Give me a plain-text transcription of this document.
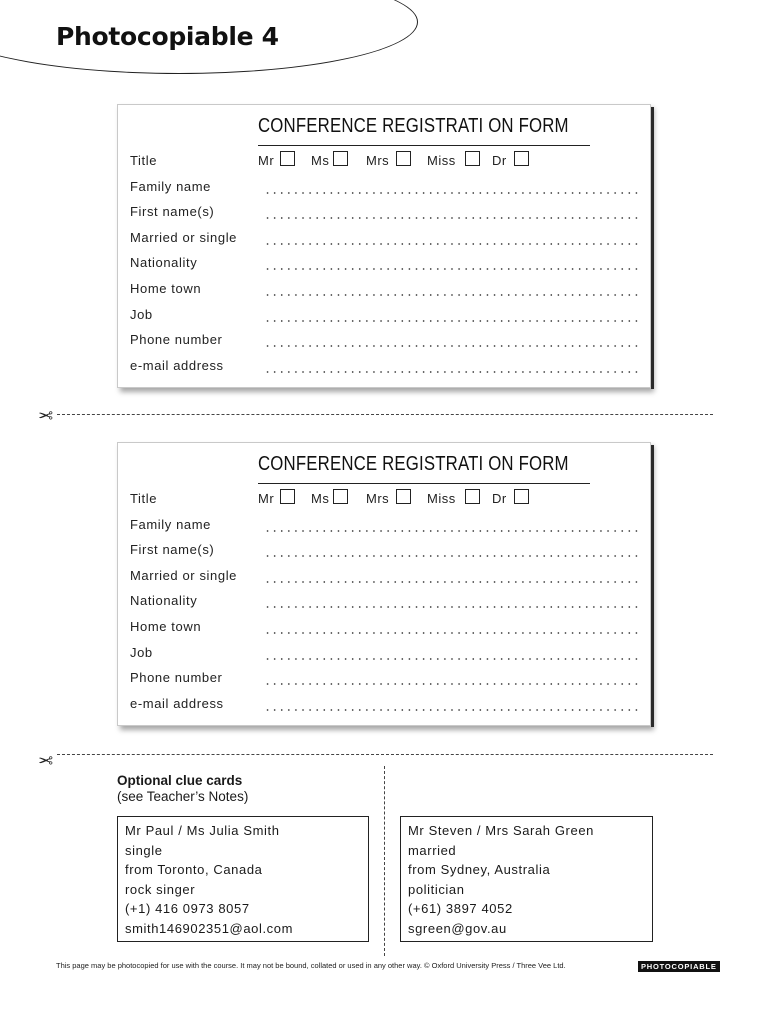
Photocopiable 4
CONFERENCE REGISTRATI ON FORM
Title	Mr	Ms	Mrs	Miss	Dr
Family name
First name(s)
Married or single
Nationality
Home town
Job
Phone number
e-mail address
CONFERENCE REGISTRATI ON FORM
Title	Mr	Ms	Mrs	Miss	Dr
Family name
First name(s)
Married or single
Nationality
Home town
Job
Phone number
e-mail address
✂
✂
Optional clue cards
(see Teacher’s Notes)
Mr Paul / Ms Julia Smith
single
from Toronto, Canada
rock singer
(+1) 416 0973 8057
smith146902351@aol.com
Mr Steven / Mrs Sarah Green
married
from Sydney, Australia
politician
(+61) 3897 4052
sgreen@gov.au
This page may be photocopied for use with the course. It may not be bound, collated or used in any other way. © Oxford University Press / Three Vee Ltd.	PHOTOCOPIABLE
